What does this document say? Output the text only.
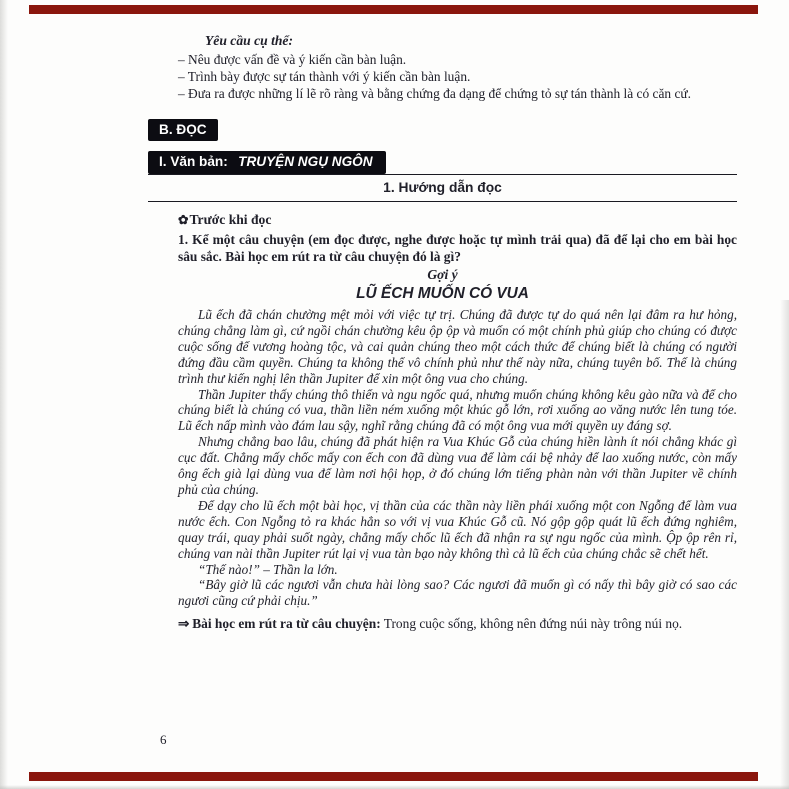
Yêu cầu cụ thể:
– Nêu được vấn đề và ý kiến cần bàn luận.
– Trình bày được sự tán thành với ý kiến cần bàn luận.
– Đưa ra được những lí lẽ rõ ràng và bằng chứng đa dạng để chứng tỏ sự tán thành là có căn cứ.
B. ĐỌC
I. Văn bản: TRUYỆN NGỤ NGÔN
1. Hướng dẫn đọc
✿Trước khi đọc
1. Kể một câu chuyện (em đọc được, nghe được hoặc tự mình trải qua) đã để lại cho em bài học sâu sắc. Bài học em rút ra từ câu chuyện đó là gì?
Gợi ý
LŨ ẾCH MUỐN CÓ VUA

Lũ ếch đã chán chường mệt mỏi với việc tự trị. Chúng đã được tự do quá nên lại đâm ra hư hỏng, chúng chẳng làm gì, cứ ngồi chán chường kêu ộp ộp và muốn có một chính phủ giúp cho chúng có được cuộc sống đế vương hoàng tộc, và cai quản chúng theo một cách thức để chúng biết là chúng có người đứng đầu cầm quyền. Chúng ta không thể vô chính phủ như thế này nữa, chúng tuyên bố. Thế là chúng trình thư kiến nghị lên thần Jupiter để xin một ông vua cho chúng.

Thần Jupiter thấy chúng thô thiển và ngu ngốc quá, nhưng muốn chúng không kêu gào nữa và để cho chúng biết là chúng có vua, thần liền ném xuống một khúc gỗ lớn, rơi xuống ao văng nước lên tung tóe. Lũ ếch nấp mình vào đám lau sậy, nghĩ rằng chúng đã có một ông vua mới quyền uy đáng sợ.

Nhưng chẳng bao lâu, chúng đã phát hiện ra Vua Khúc Gỗ của chúng hiền lành ít nói chẳng khác gì cục đất. Chẳng mấy chốc mấy con ếch con đã dùng vua để làm cái bệ nhảy để lao xuống nước, còn mấy ông ếch già lại dùng vua để làm nơi hội họp, ở đó chúng lớn tiếng phàn nàn với thần Jupiter về chính phủ của chúng.

Để dạy cho lũ ếch một bài học, vị thần của các thần này liền phái xuống một con Ngỗng để làm vua nước ếch. Con Ngỗng tỏ ra khác hẳn so với vị vua Khúc Gỗ cũ. Nó gộp gộp quát lũ ếch đứng nghiêm, quay trái, quay phải suốt ngày, chẳng mấy chốc lũ ếch đã nhận ra sự ngu ngốc của mình. Ộp ộp rên rỉ, chúng van nài thần Jupiter rút lại vị vua tàn bạo này không thì cả lũ ếch của chúng chắc sẽ chết hết.

“Thế nào!” – Thần la lớn.

“Bây giờ lũ các ngươi vẫn chưa hài lòng sao? Các ngươi đã muốn gì có nấy thì bây giờ có sao các ngươi cũng cứ phải chịu.”

⇒ Bài học em rút ra từ câu chuyện: Trong cuộc sống, không nên đứng núi này trông núi nọ.
6
